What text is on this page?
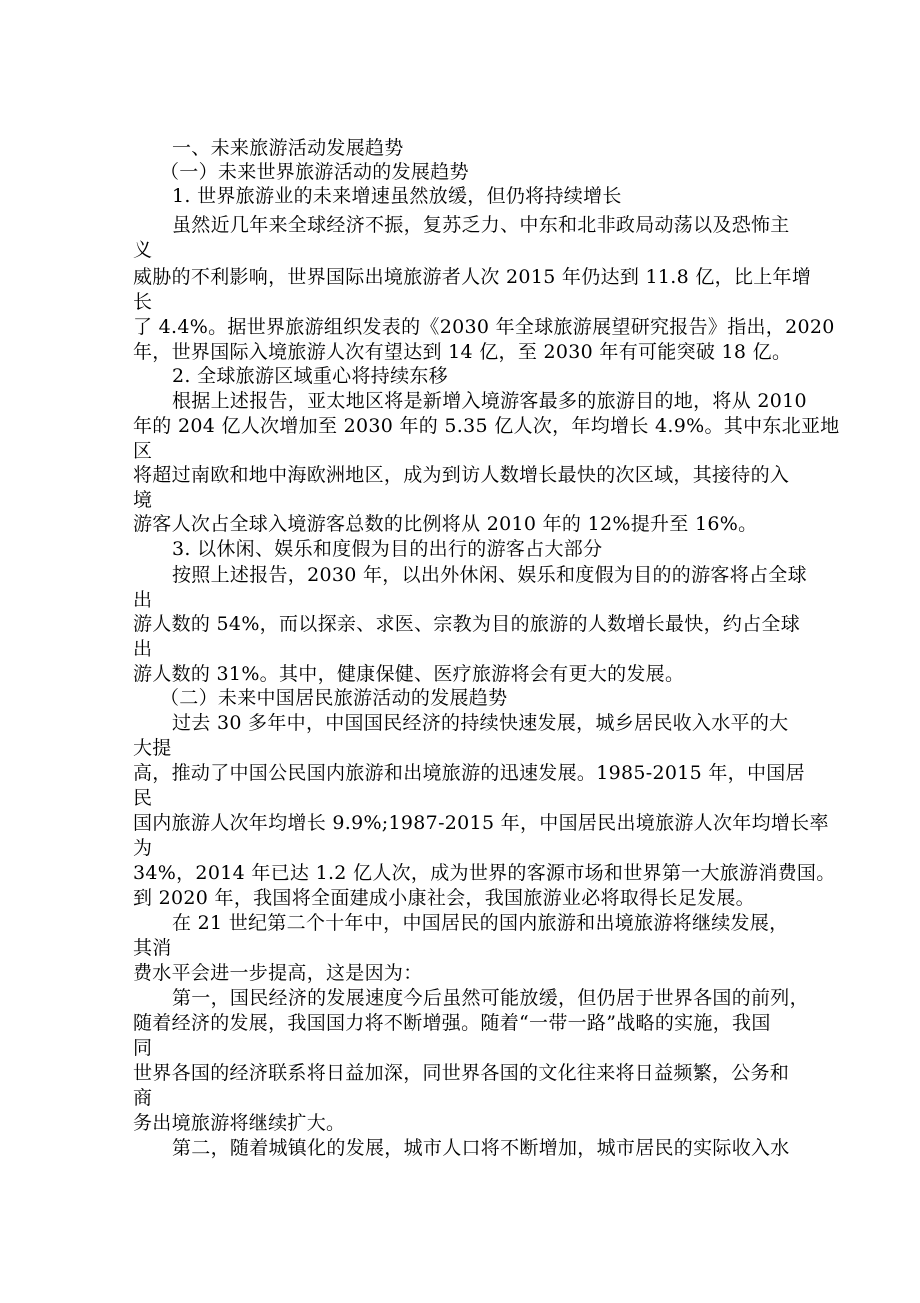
一、未来旅游活动发展趋势
（一）未来世界旅游活动的发展趋势
1. 世界旅游业的未来增速虽然放缓，但仍将持续增长
虽然近几年来全球经济不振，复苏乏力、中东和北非政局动荡以及恐怖主
义
威胁的不利影响，世界国际出境旅游者人次 2015 年仍达到 11.8 亿，比上年增
长
了 4.4%。据世界旅游组织发表的《2030 年全球旅游展望研究报告》指出，2020
年，世界国际入境旅游人次有望达到 14 亿，至 2030 年有可能突破 18 亿。
2. 全球旅游区域重心将持续东移
根据上述报告，亚太地区将是新增入境游客最多的旅游目的地，将从 2010
年的 204 亿人次增加至 2030 年的 5.35 亿人次，年均增长 4.9%。其中东北亚地
区
将超过南欧和地中海欧洲地区，成为到访人数增长最快的次区域，其接待的入
境
游客人次占全球入境游客总数的比例将从 2010 年的 12%提升至 16%。
3. 以休闲、娱乐和度假为目的出行的游客占大部分
按照上述报告，2030 年，以出外休闲、娱乐和度假为目的的游客将占全球
出
游人数的 54%，而以探亲、求医、宗教为目的旅游的人数增长最快，约占全球
出
游人数的 31%。其中，健康保健、医疗旅游将会有更大的发展。
（二）未来中国居民旅游活动的发展趋势
过去 30 多年中，中国国民经济的持续快速发展，城乡居民收入水平的大
大提
高，推动了中国公民国内旅游和出境旅游的迅速发展。1985-2015 年，中国居
民
国内旅游人次年均增长 9.9%;1987-2015 年，中国居民出境旅游人次年均增长率
为
34%，2014 年已达 1.2 亿人次，成为世界的客源市场和世界第一大旅游消费国。
到 2020 年，我国将全面建成小康社会，我国旅游业必将取得长足发展。
在 21 世纪第二个十年中，中国居民的国内旅游和出境旅游将继续发展，
其消
费水平会进一步提高，这是因为：
第一，国民经济的发展速度今后虽然可能放缓，但仍居于世界各国的前列，
随着经济的发展，我国国力将不断增强。随着“一带一路”战略的实施，我国
同
世界各国的经济联系将日益加深，同世界各国的文化往来将日益频繁，公务和
商
务出境旅游将继续扩大。
第二，随着城镇化的发展，城市人口将不断增加，城市居民的实际收入水
